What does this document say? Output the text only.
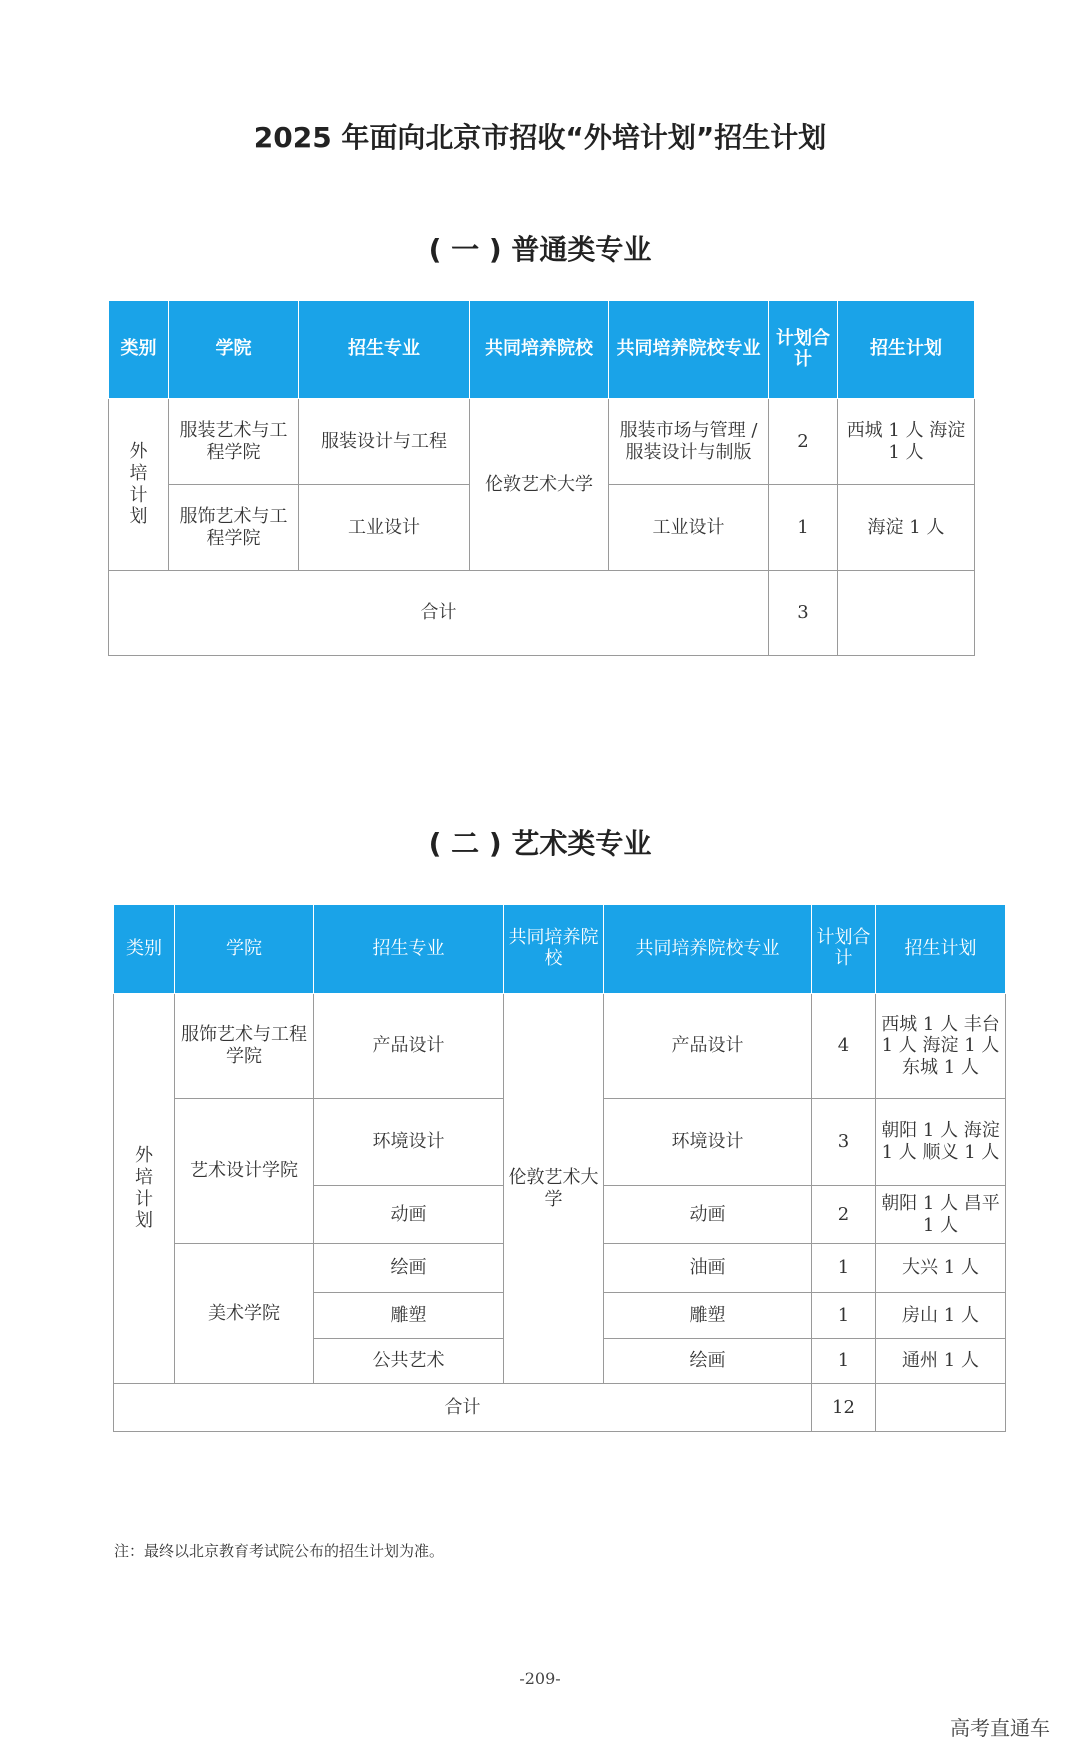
2025 年面向北京市招收“外培计划”招生计划
( 一 ) 普通类专业
类别	学院	招生专业	共同培养院校	共同培养院校专业	计划合计	招生计划

外培计划	服装艺术与工程学院	服装设计与工程	伦敦艺术大学	服装市场与管理 / 服装设计与制版	2	西城 1 人 海淀 1 人
	服饰艺术与工程学院	工业设计		工业设计	1	海淀 1 人
合计					3	
( 二 ) 艺术类专业
类别	学院	招生专业	共同培养院校	共同培养院校专业	计划合计	招生计划

外培计划	服饰艺术与工程学院	产品设计	伦敦艺术大学	产品设计	4	西城 1 人 丰台 1 人 海淀 1 人 东城 1 人
	艺术设计学院	环境设计		环境设计	3	朝阳 1 人 海淀 1 人 顺义 1 人
		动画		动画	2	朝阳 1 人 昌平 1 人
	美术学院	绘画		油画	1	大兴 1 人
		雕塑		雕塑	1	房山 1 人
		公共艺术		绘画	1	通州 1 人
合计					12	
注：最终以北京教育考试院公布的招生计划为准。
-209-
高考直通车
